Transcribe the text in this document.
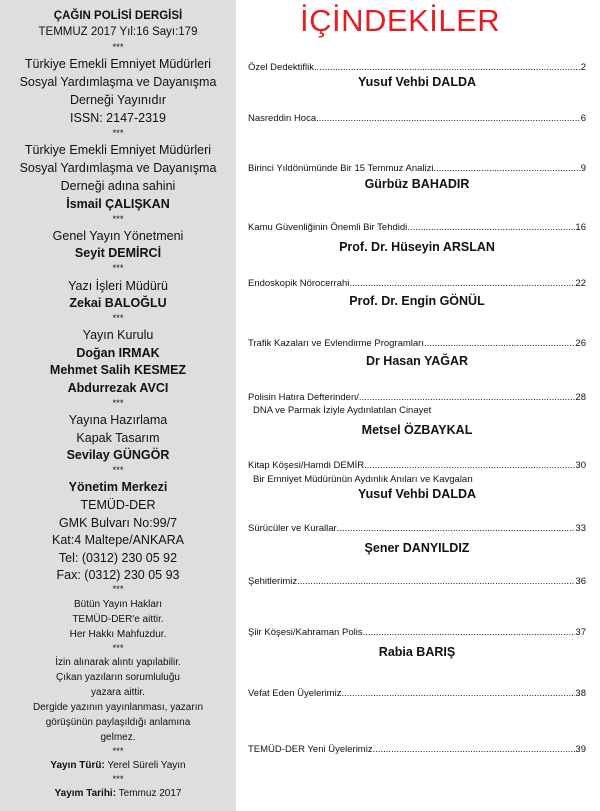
ÇAĞIN POLİSİ DERGİSİ
TEMMUZ 2017 Yıl:16 Sayı:179
***
Türkiye Emekli Emniyet Müdürleri
Sosyal Yardımlaşma ve Dayanışma
Derneği Yayınıdır
ISSN: 2147-2319
***
Türkiye Emekli Emniyet Müdürleri
Sosyal Yardımlaşma ve Dayanışma
Derneği adına sahini
İsmail ÇALIŞKAN
***
Genel Yayın Yönetmeni
Seyit DEMİRCİ
***
Yazı İşleri Müdürü
Zekai BALOĞLU
***
Yayın Kurulu
Doğan IRMAK
Mehmet Salih KESMEZ
Abdurrezak AVCI
***
Yayına Hazırlama
Kapak Tasarım
Sevilay GÜNGÖR
***
Yönetim Merkezi
TEMÜD-DER
GMK Bulvarı No:99/7
Kat:4 Maltepe/ANKARA
Tel: (0312) 230 05 92
Fax: (0312) 230 05 93
***
Bütün Yayın Hakları
TEMÜD-DER'e aittir.
Her Hakkı Mahfuzdur.
***
İzin alınarak alıntı yapılabilir.
Çıkan yazıların sorumluluğu
yazara aittir.
Dergide yazının yayınlanması, yazarın
görüşünün paylaşıldığı anlamına
gelmez.
***
Yayın Türü: Yerel Süreli Yayın
***
Yayım Tarihi: Temmuz 2017
İÇİNDEKİLER
Özel Dedektiflik .....	2
Yusuf Vehbi DALDA
Nasreddin Hoca .....	6
Birinci Yıldönümünde Bir 15 Temmuz Analizi .....	9
Gürbüz BAHADIR
Kamu Güvenliğinin Önemli Bir Tehdidi .....	16
Prof. Dr. Hüseyin ARSLAN
Endoskopik Nörocerrahi .....	22
Prof. Dr. Engin GÖNÜL
Trafik Kazaları ve Evlendirme Programları .....	26
Dr Hasan YAĞAR
Polisin Hatıra Defterinden/ .....	28
DNA ve Parmak İziyle Aydınlatılan Cinayet
Metsel ÖZBAYKAL
Kitap Köşesi/Hamdi DEMİR .....	30
Bir Emniyet Müdürünün Aydınlık Anıları ve Kavgaları
Yusuf Vehbi DALDA
Sürücüler ve Kurallar .....	33
Şener DANYILDIZ
Şehitlerimiz .....	36
Şiir Köşesi/Kahraman Polis .....	37
Rabia BARIŞ
Vefat Eden Üyelerimiz .....	38
TEMÜD-DER Yeni Üyelerimiz .....	39
